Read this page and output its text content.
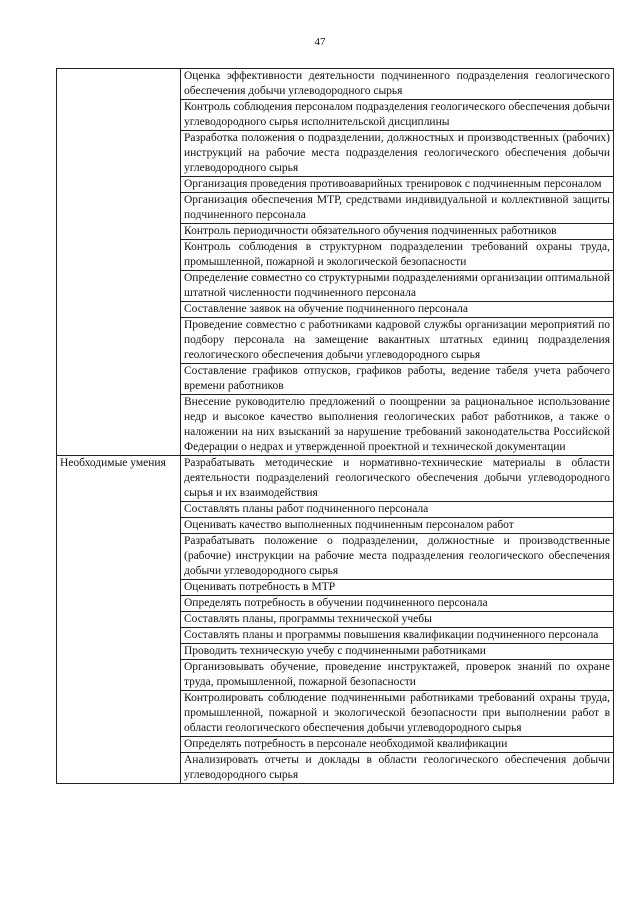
47
	Оценка эффективности деятельности подчиненного подразделения геологического обеспечения добычи углеводородного сырья
	Контроль соблюдения персоналом подразделения геологического обеспечения добычи углеводородного сырья исполнительской дисциплины
	Разработка положения о подразделении, должностных и производственных (рабочих) инструкций на рабочие места подразделения геологического обеспечения добычи углеводородного сырья
	Организация проведения противоаварийных тренировок с подчиненным персоналом
	Организация обеспечения МТР, средствами индивидуальной и коллективной защиты подчиненного персонала
	Контроль периодичности обязательного обучения подчиненных работников
	Контроль соблюдения в структурном подразделении требований охраны труда, промышленной, пожарной и экологической безопасности
	Определение совместно со структурными подразделениями организации оптимальной штатной численности подчиненного персонала
	Составление заявок на обучение подчиненного персонала
	Проведение совместно с работниками кадровой службы организации мероприятий по подбору персонала на замещение вакантных штатных единиц подразделения геологического обеспечения добычи углеводородного сырья
	Составление графиков отпусков, графиков работы, ведение табеля учета рабочего времени работников
	Внесение руководителю предложений о поощрении за рациональное использование недр и высокое качество выполнения геологических работ работников, а также о наложении на них взысканий за нарушение требований законодательства Российской Федерации о недрах и утвержденной проектной и технической документации
Необходимые умения	Разрабатывать методические и нормативно-технические материалы в области деятельности подразделений геологического обеспечения добычи углеводородного сырья и их взаимодействия
	Составлять планы работ подчиненного персонала
	Оценивать качество выполненных подчиненным персоналом работ
	Разрабатывать положение о подразделении, должностные и производственные (рабочие) инструкции на рабочие места подразделения геологического обеспечения добычи углеводородного сырья
	Оценивать потребность в МТР
	Определять потребность в обучении подчиненного персонала
	Составлять планы, программы технической учебы
	Составлять планы и программы повышения квалификации подчиненного персонала
	Проводить техническую учебу с подчиненными работниками
	Организовывать обучение, проведение инструктажей, проверок знаний по охране труда, промышленной, пожарной безопасности
	Контролировать соблюдение подчиненными работниками требований охраны труда, промышленной, пожарной и экологической безопасности при выполнении работ в области геологического обеспечения добычи углеводородного сырья
	Определять потребность в персонале необходимой квалификации
	Анализировать отчеты и доклады в области геологического обеспечения добычи углеводородного сырья
